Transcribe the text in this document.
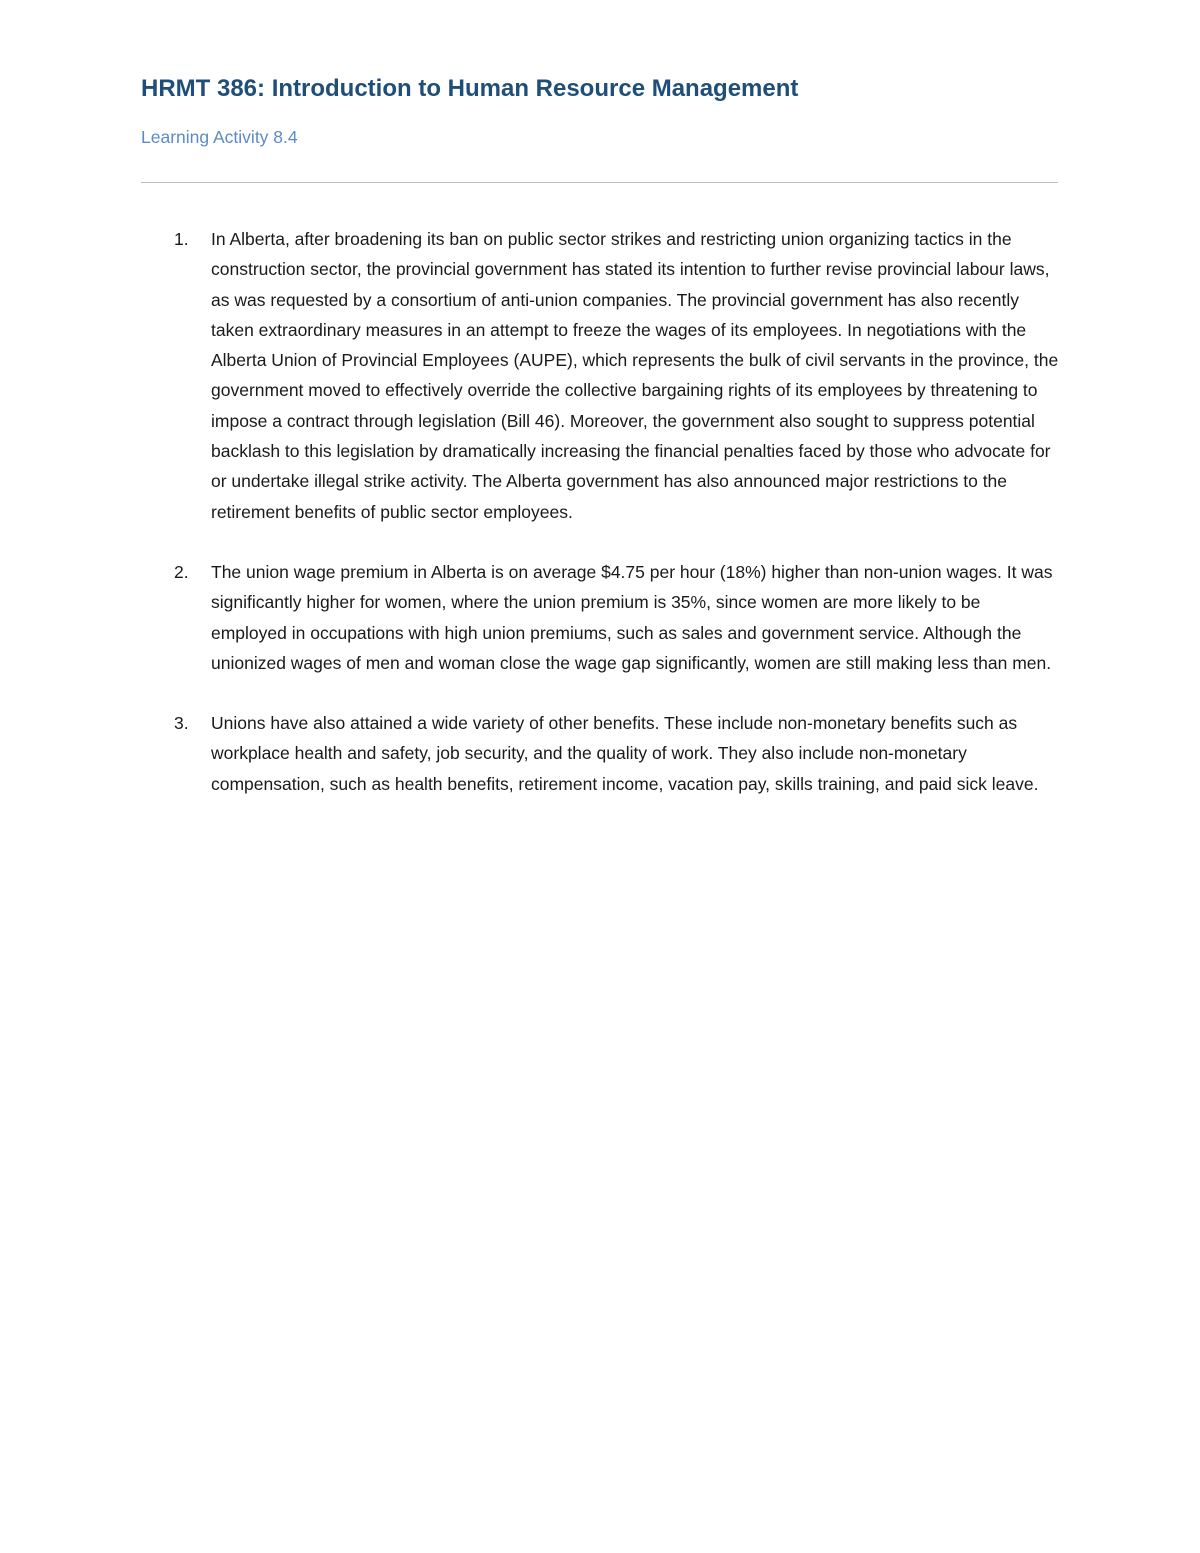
HRMT 386: Introduction to Human Resource Management

Learning Activity 8.4

1. In Alberta, after broadening its ban on public sector strikes and restricting union organizing tactics in the construction sector, the provincial government has stated its intention to further revise provincial labour laws, as was requested by a consortium of anti-union companies. The provincial government has also recently taken extraordinary measures in an attempt to freeze the wages of its employees. In negotiations with the Alberta Union of Provincial Employees (AUPE), which represents the bulk of civil servants in the province, the government moved to effectively override the collective bargaining rights of its employees by threatening to impose a contract through legislation (Bill 46). Moreover, the government also sought to suppress potential backlash to this legislation by dramatically increasing the financial penalties faced by those who advocate for or undertake illegal strike activity. The Alberta government has also announced major restrictions to the retirement benefits of public sector employees.

2. The union wage premium in Alberta is on average $4.75 per hour (18%) higher than non-union wages. It was significantly higher for women, where the union premium is 35%, since women are more likely to be employed in occupations with high union premiums, such as sales and government service. Although the unionized wages of men and woman close the wage gap significantly, women are still making less than men.

3. Unions have also attained a wide variety of other benefits. These include non-monetary benefits such as workplace health and safety, job security, and the quality of work. They also include non-monetary compensation, such as health benefits, retirement income, vacation pay, skills training, and paid sick leave.
